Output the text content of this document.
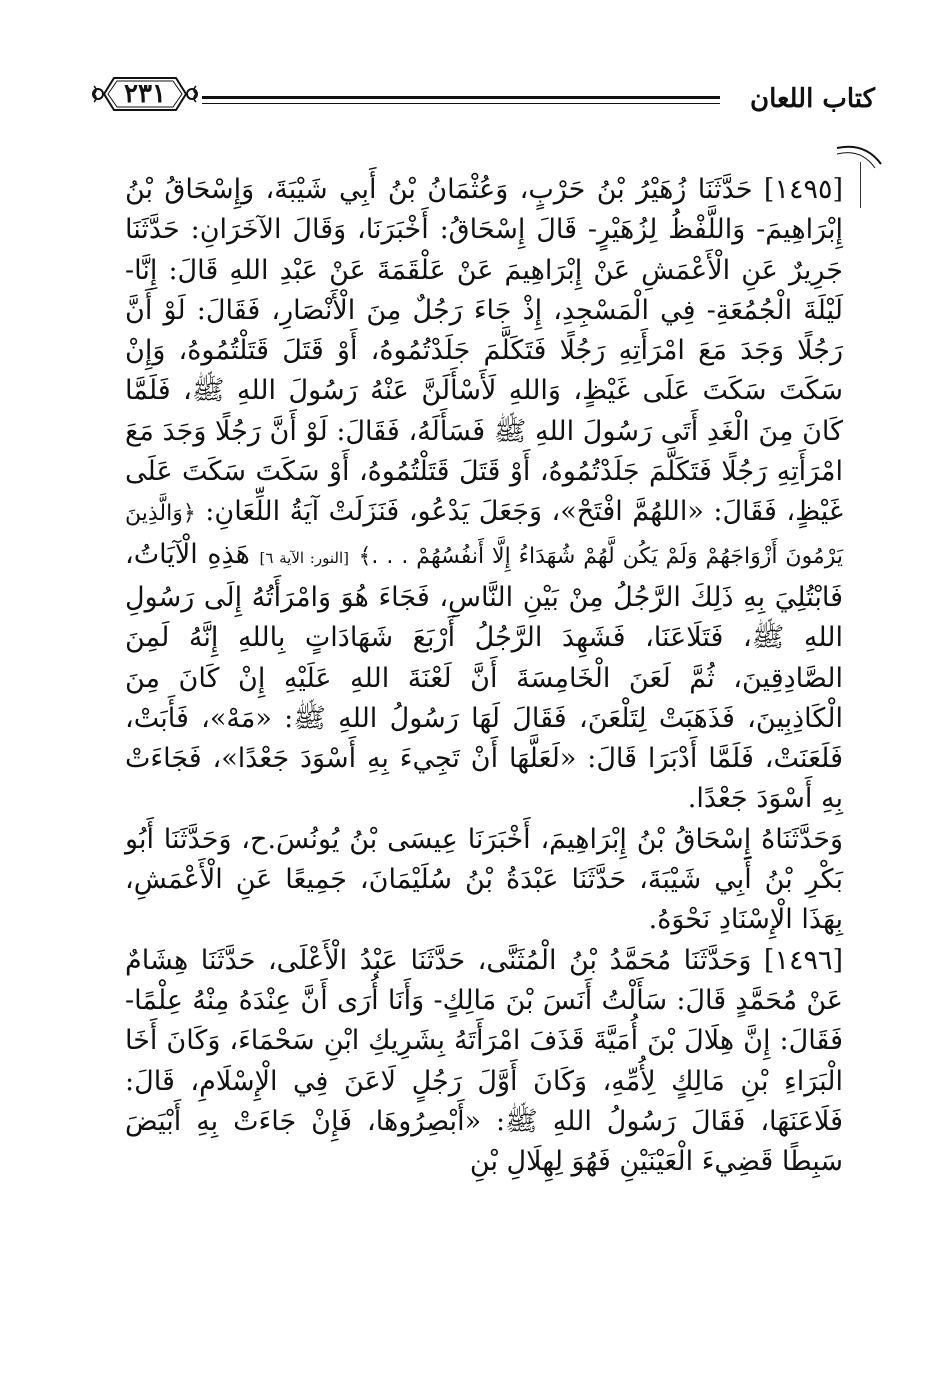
٢٣١	كتاب اللعان

[١٤٩٥] حَدَّثَنَا زُهَيْرُ بْنُ حَرْبٍ، وَعُثْمَانُ بْنُ أَبِي شَيْبَةَ، وَإِسْحَاقُ بْنُ إِبْرَاهِيمَ- وَاللَّفْظُ لِزُهَيْرٍ- قَالَ إِسْحَاقُ: أَخْبَرَنَا، وَقَالَ الآخَرَانِ: حَدَّثَنَا جَرِيرٌ عَنِ الْأَعْمَشِ عَنْ إِبْرَاهِيمَ عَنْ عَلْقَمَةَ عَنْ عَبْدِ اللهِ قَالَ: إِنَّا- لَيْلَةَ الْجُمُعَةِ- فِي الْمَسْجِدِ، إِذْ جَاءَ رَجُلٌ مِنَ الْأَنْصَارِ، فَقَالَ: لَوْ أَنَّ رَجُلًا وَجَدَ مَعَ امْرَأَتِهِ رَجُلًا فَتَكَلَّمَ جَلَدْتُمُوهُ، أَوْ قَتَلَ قَتَلْتُمُوهُ، وَإِنْ سَكَتَ سَكَتَ عَلَى غَيْظٍ، وَاللهِ لَأَسْأَلَنَّ عَنْهُ رَسُولَ اللهِ ﷺ، فَلَمَّا كَانَ مِنَ الْغَدِ أَتَى رَسُولَ اللهِ ﷺ فَسَأَلَهُ، فَقَالَ: لَوْ أَنَّ رَجُلًا وَجَدَ مَعَ امْرَأَتِهِ رَجُلًا فَتَكَلَّمَ جَلَدْتُمُوهُ، أَوْ قَتَلَ قَتَلْتُمُوهُ، أَوْ سَكَتَ سَكَتَ عَلَى غَيْظٍ، فَقَالَ: «اللهُمَّ افْتَحْ»، وَجَعَلَ يَدْعُو، فَنَزَلَتْ آيَةُ اللِّعَانِ: ﴿وَالَّذِينَ يَرْمُونَ أَزْوَاجَهُمْ وَلَمْ يَكُن لَّهُمْ شُهَدَاءُ إِلَّا أَنفُسُهُمْ . . .﴾ [النور: الآية ٦] هَذِهِ الْآيَاتُ، فَابْتُلِيَ بِهِ ذَلِكَ الرَّجُلُ مِنْ بَيْنِ النَّاسِ، فَجَاءَ هُوَ وَامْرَأَتُهُ إِلَى رَسُولِ اللهِ ﷺ، فَتَلَاعَنَا، فَشَهِدَ الرَّجُلُ أَرْبَعَ شَهَادَاتٍ بِاللهِ إِنَّهُ لَمِنَ الصَّادِقِينَ، ثُمَّ لَعَنَ الْخَامِسَةَ أَنَّ لَعْنَةَ اللهِ عَلَيْهِ إِنْ كَانَ مِنَ الْكَاذِبِينَ، فَذَهَبَتْ لِتَلْعَنَ، فَقَالَ لَهَا رَسُولُ اللهِ ﷺ: «مَهْ»، فَأَبَتْ، فَلَعَنَتْ، فَلَمَّا أَدْبَرَا قَالَ: «لَعَلَّهَا أَنْ تَجِيءَ بِهِ أَسْوَدَ جَعْدًا»، فَجَاءَتْ بِهِ أَسْوَدَ جَعْدًا.

وَحَدَّثَنَاهُ إِسْحَاقُ بْنُ إِبْرَاهِيمَ، أَخْبَرَنَا عِيسَى بْنُ يُونُسَ.ح، وَحَدَّثَنَا أَبُو بَكْرِ بْنُ أَبِي شَيْبَةَ، حَدَّثَنَا عَبْدَةُ بْنُ سُلَيْمَانَ، جَمِيعًا عَنِ الْأَعْمَشِ، بِهَذَا الْإِسْنَادِ نَحْوَهُ.

[١٤٩٦] وَحَدَّثَنَا مُحَمَّدُ بْنُ الْمُثَنَّى، حَدَّثَنَا عَبْدُ الْأَعْلَى، حَدَّثَنَا هِشَامٌ عَنْ مُحَمَّدٍ قَالَ: سَأَلْتُ أَنَسَ بْنَ مَالِكٍ- وَأَنَا أُرَى أَنَّ عِنْدَهُ مِنْهُ عِلْمًا- فَقَالَ: إِنَّ هِلَالَ بْنَ أُمَيَّةَ قَذَفَ امْرَأَتَهُ بِشَرِيكِ ابْنِ سَحْمَاءَ، وَكَانَ أَخَا الْبَرَاءِ بْنِ مَالِكٍ لِأُمِّهِ، وَكَانَ أَوَّلَ رَجُلٍ لَاعَنَ فِي الْإِسْلَامِ، قَالَ: فَلَاعَنَهَا، فَقَالَ رَسُولُ اللهِ ﷺ: «أَبْصِرُوهَا، فَإِنْ جَاءَتْ بِهِ أَبْيَضَ سَبِطًا قَضِيءَ الْعَيْنَيْنِ فَهُوَ لِهِلَالِ بْنِ
